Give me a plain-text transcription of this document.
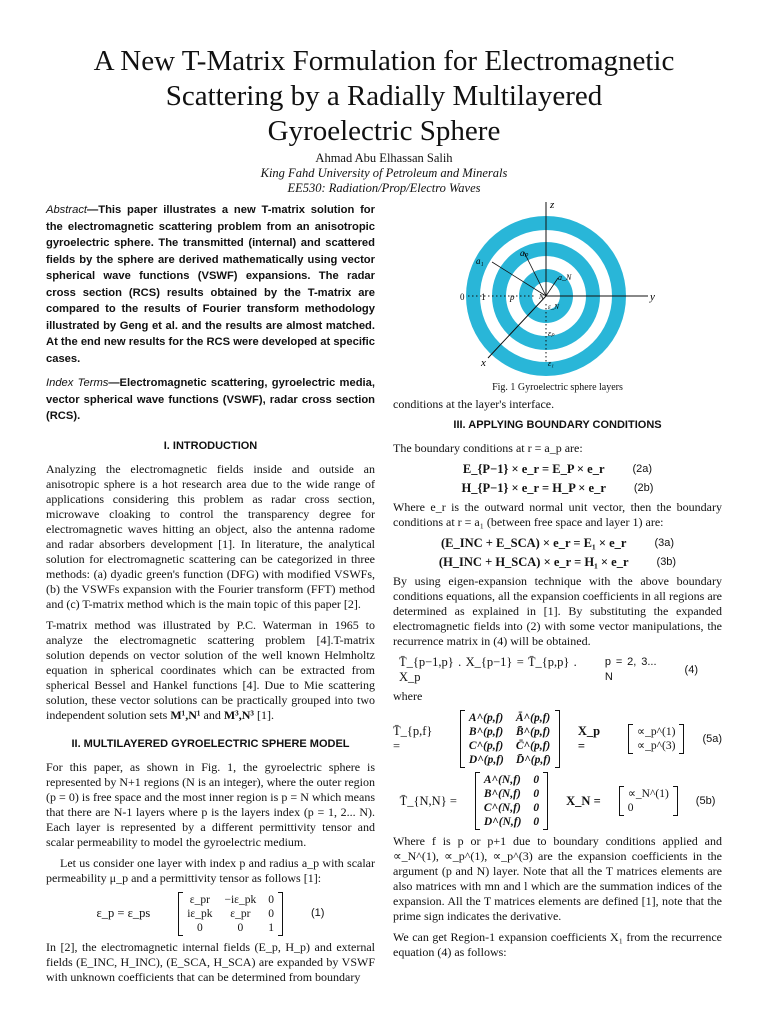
A New T-Matrix Formulation for Electromagnetic
Scattering by a Radially Multilayered
Gyroelectric Sphere
Ahmad Abu Elhassan Salih
King Fahd University of Petroleum and Minerals
EE530: Radiation/Prop/Electro Waves
Abstract—This paper illustrates a new T-matrix solution for the electromagnetic scattering problem from an anisotropic gyroelectric sphere. The transmitted (internal) and scattered fields by the sphere are derived mathematically using vector spherical wave functions (VSWF) expansions. The radar cross section (RCS) results obtained by the T-matrix are compared to the results of Fourier transform methodology illustrated by Geng et al. and the results are almost matched. At the end new results for the RCS were developed at specific cases.
Index Terms—Electromagnetic scattering, gyroelectric media, vector spherical wave functions (VSWF), radar cross section (RCS).
I. INTRODUCTION

Analyzing the electromagnetic fields inside and outside an anisotropic sphere is a hot research area due to the wide range of applications considering this problem as radar cross section, microwave cloaking to control the transparency degree for electromagnetic waves hitting an object, also the antenna radome and radar absorbers development [1]. In literature, the analytical solution for electromagnetic scattering can be categorized in three methods: (a) dyadic green's function (DFG) with modified VSWFs, (b) the VSWFs expansion with the Fourier transform (FFT) method and (c) T-matrix method which is the main topic of this paper [2].

T-matrix method was illustrated by P.C. Waterman in 1965 to analyze the electromagnetic scattering problem [4].T-matrix solution depends on vector solution of the well known Helmholtz equation in spherical coordinates which can be extracted from spherical Bessel and Hankel functions [4]. Due to Mie scattering solution, these vector solutions can be practically grouped into two independent solution sets M¹,N¹ and M³,N³ [1].

II. MULTILAYERED GYROELECTRIC SPHERE MODEL

For this paper, as shown in Fig. 1, the gyroelectric sphere is represented by N+1 regions (N is an integer), where the outer region (p = 0) is free space and the most inner region is p = N which means that there are N-1 layers where p is the layers index (p = 1, 2... N). Each layer is represented by a different permittivity tensor and scalar permeability to model the gyroelectric medium.

Let us consider one layer with index p and radius a_p with scalar permeability μ_p and a permittivity tensor as follows [1]:

ε_p = ε_ps
ε_pr −iε_pk 0
iε_pk	ε_pr	0
0	0	1
(1)

In [2], the electromagnetic internal fields (E_p, H_p) and external fields (E_INC, H_INC), (E_SCA, H_SCA) are expanded by VSWF with unknown coefficients that can be determined from boundary

z
y
x
a₁
aₚ
a_N
0 1	p	N
ε_N
εₚ
ε₁
Fig. 1 Gyroelectric sphere layers

conditions at the layer's interface.

III. APPLYING BOUNDARY CONDITIONS

The boundary conditions at r = a_p are:

E_{P−1} × e_r = E_P × e_r	(2a)
H_{P−1} × e_r = H_P × e_r	(2b)

Where e_r is the outward normal unit vector, then the boundary conditions at r = a₁ (between free space and layer 1) are:

(E_INC + E_SCA) × e_r = E₁ × e_r	(3a)
(H_INC + H_SCA) × e_r = H₁ × e_r	(3b)

By using eigen-expansion technique with the above boundary conditions equations, all the expansion coefficients in all regions are determined as explained in [1]. By substituting the expanded electromagnetic fields into (2) with some vector manipulations, the recurrence matrix in (4) will be obtained.

T̄_{p−1,p} . X_{p−1} = T̄_{p,p} . X_p
p = 2, 3... N
(4)

where

T̄_{p,f} =
A^(p,f) Ā^(p,f)
B^(p,f) B̄^(p,f)
C^(p,f) C̄^(p,f)
D^(p,f) D̄^(p,f)
X_p =
∝_p^(1)
∝_p^(3)
(5a)
T̄_{N,N} =
A^(N,f) 0
B^(N,f) 0
C^(N,f) 0
D^(N,f) 0
X_N = ∝_N^(1)
0
(5b)

Where f is p or p+1 due to boundary conditions applied and ∝_N^(1), ∝_p^(1), ∝_p^(3) are the expansion coefficients in the argument (p and N) layer. Note that all the T matrices elements are also matrices with mn and l which are the summation indices of the expansion. All the T matrices elements are defined [1], note that the prime sign indicates the derivative.

We can get Region-1 expansion coefficients X₁ from the recurrence equation (4) as follows:
